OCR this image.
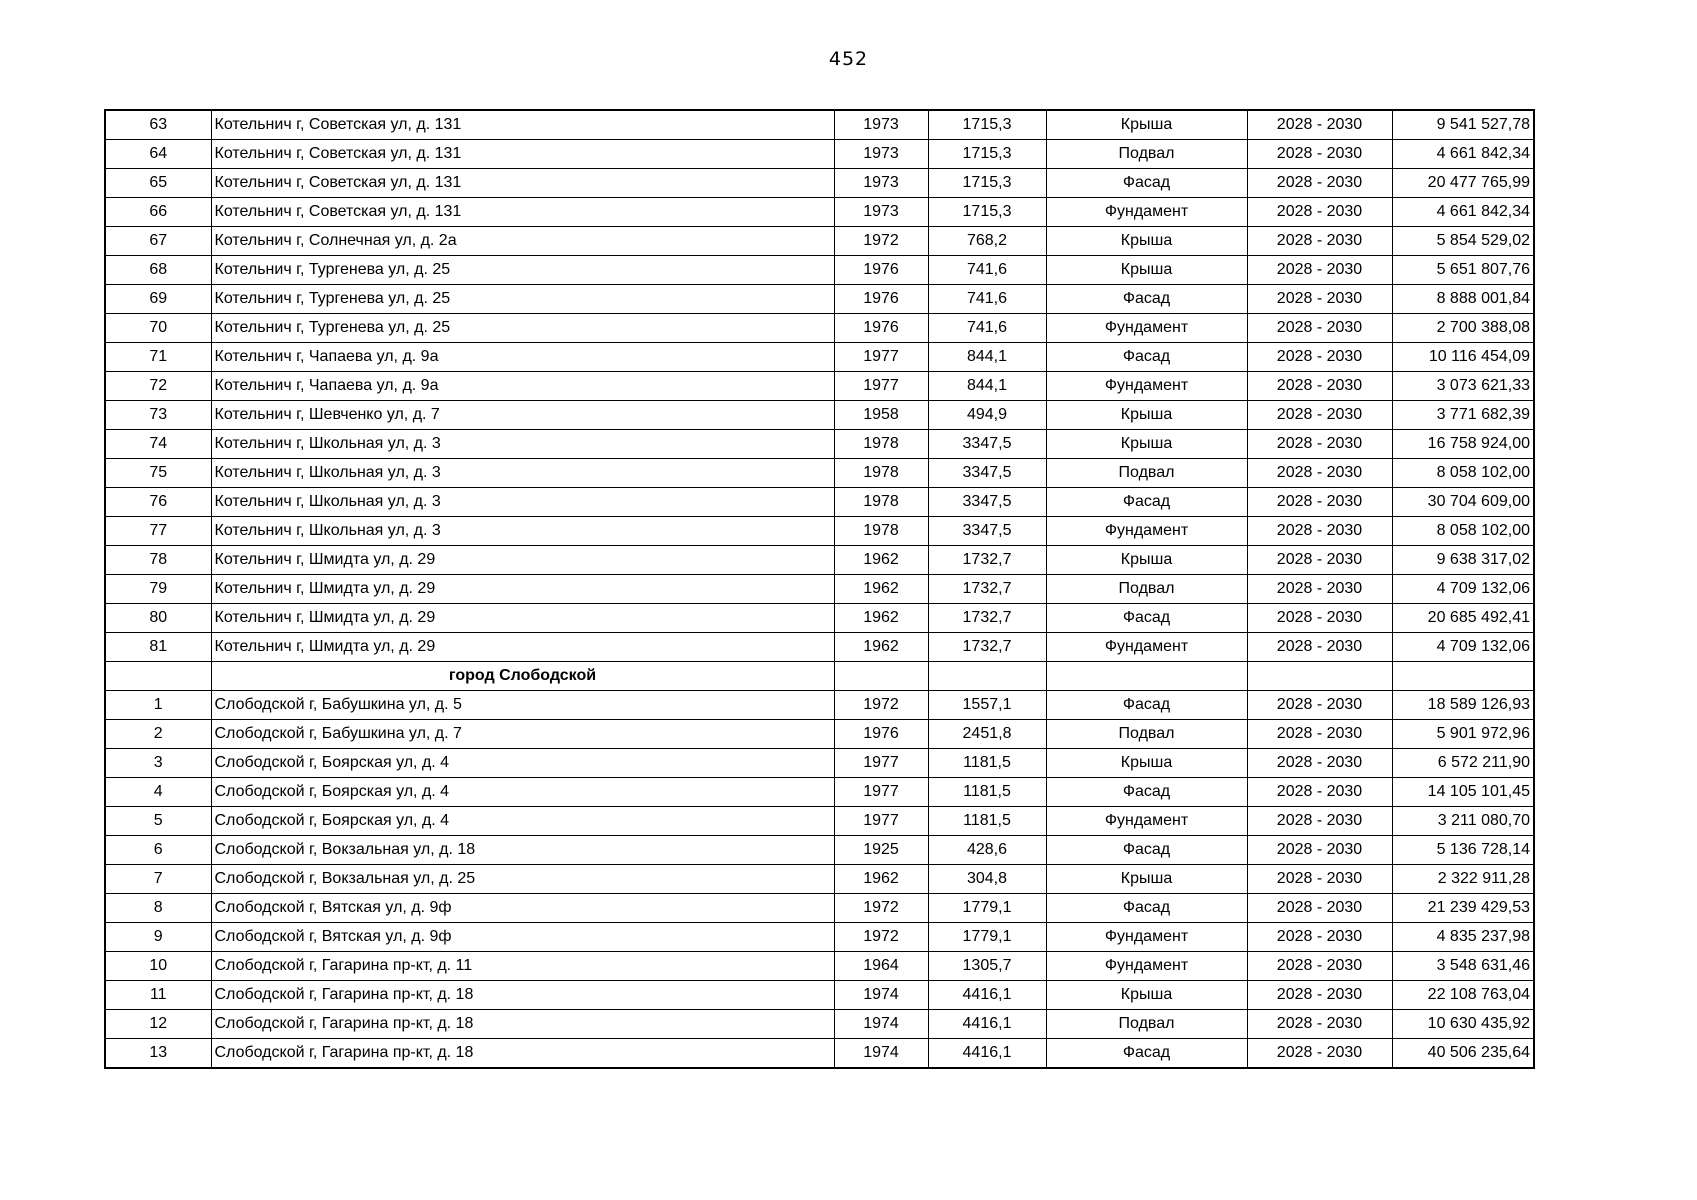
452
63	Котельнич г, Советская ул, д. 131	1973	1715,3	Крыша	2028 - 2030	9 541 527,78
64	Котельнич г, Советская ул, д. 131	1973	1715,3	Подвал	2028 - 2030	4 661 842,34
65	Котельнич г, Советская ул, д. 131	1973	1715,3	Фасад	2028 - 2030	20 477 765,99
66	Котельнич г, Советская ул, д. 131	1973	1715,3	Фундамент	2028 - 2030	4 661 842,34
67	Котельнич г, Солнечная ул, д. 2а	1972	768,2	Крыша	2028 - 2030	5 854 529,02
68	Котельнич г, Тургенева ул, д. 25	1976	741,6	Крыша	2028 - 2030	5 651 807,76
69	Котельнич г, Тургенева ул, д. 25	1976	741,6	Фасад	2028 - 2030	8 888 001,84
70	Котельнич г, Тургенева ул, д. 25	1976	741,6	Фундамент	2028 - 2030	2 700 388,08
71	Котельнич г, Чапаева ул, д. 9а	1977	844,1	Фасад	2028 - 2030	10 116 454,09
72	Котельнич г, Чапаева ул, д. 9а	1977	844,1	Фундамент	2028 - 2030	3 073 621,33
73	Котельнич г, Шевченко ул, д. 7	1958	494,9	Крыша	2028 - 2030	3 771 682,39
74	Котельнич г, Школьная ул, д. 3	1978	3347,5	Крыша	2028 - 2030	16 758 924,00
75	Котельнич г, Школьная ул, д. 3	1978	3347,5	Подвал	2028 - 2030	8 058 102,00
76	Котельнич г, Школьная ул, д. 3	1978	3347,5	Фасад	2028 - 2030	30 704 609,00
77	Котельнич г, Школьная ул, д. 3	1978	3347,5	Фундамент	2028 - 2030	8 058 102,00
78	Котельнич г, Шмидта ул, д. 29	1962	1732,7	Крыша	2028 - 2030	9 638 317,02
79	Котельнич г, Шмидта ул, д. 29	1962	1732,7	Подвал	2028 - 2030	4 709 132,06
80	Котельнич г, Шмидта ул, д. 29	1962	1732,7	Фасад	2028 - 2030	20 685 492,41
81	Котельнич г, Шмидта ул, д. 29	1962	1732,7	Фундамент	2028 - 2030	4 709 132,06
	город Слободской					
1	Слободской г, Бабушкина ул, д. 5	1972	1557,1	Фасад	2028 - 2030	18 589 126,93
2	Слободской г, Бабушкина ул, д. 7	1976	2451,8	Подвал	2028 - 2030	5 901 972,96
3	Слободской г, Боярская ул, д. 4	1977	1181,5	Крыша	2028 - 2030	6 572 211,90
4	Слободской г, Боярская ул, д. 4	1977	1181,5	Фасад	2028 - 2030	14 105 101,45
5	Слободской г, Боярская ул, д. 4	1977	1181,5	Фундамент	2028 - 2030	3 211 080,70
6	Слободской г, Вокзальная ул, д. 18	1925	428,6	Фасад	2028 - 2030	5 136 728,14
7	Слободской г, Вокзальная ул, д. 25	1962	304,8	Крыша	2028 - 2030	2 322 911,28
8	Слободской г, Вятская ул, д. 9ф	1972	1779,1	Фасад	2028 - 2030	21 239 429,53
9	Слободской г, Вятская ул, д. 9ф	1972	1779,1	Фундамент	2028 - 2030	4 835 237,98
10	Слободской г, Гагарина пр-кт, д. 11	1964	1305,7	Фундамент	2028 - 2030	3 548 631,46
11	Слободской г, Гагарина пр-кт, д. 18	1974	4416,1	Крыша	2028 - 2030	22 108 763,04
12	Слободской г, Гагарина пр-кт, д. 18	1974	4416,1	Подвал	2028 - 2030	10 630 435,92
13	Слободской г, Гагарина пр-кт, д. 18	1974	4416,1	Фасад	2028 - 2030	40 506 235,64
